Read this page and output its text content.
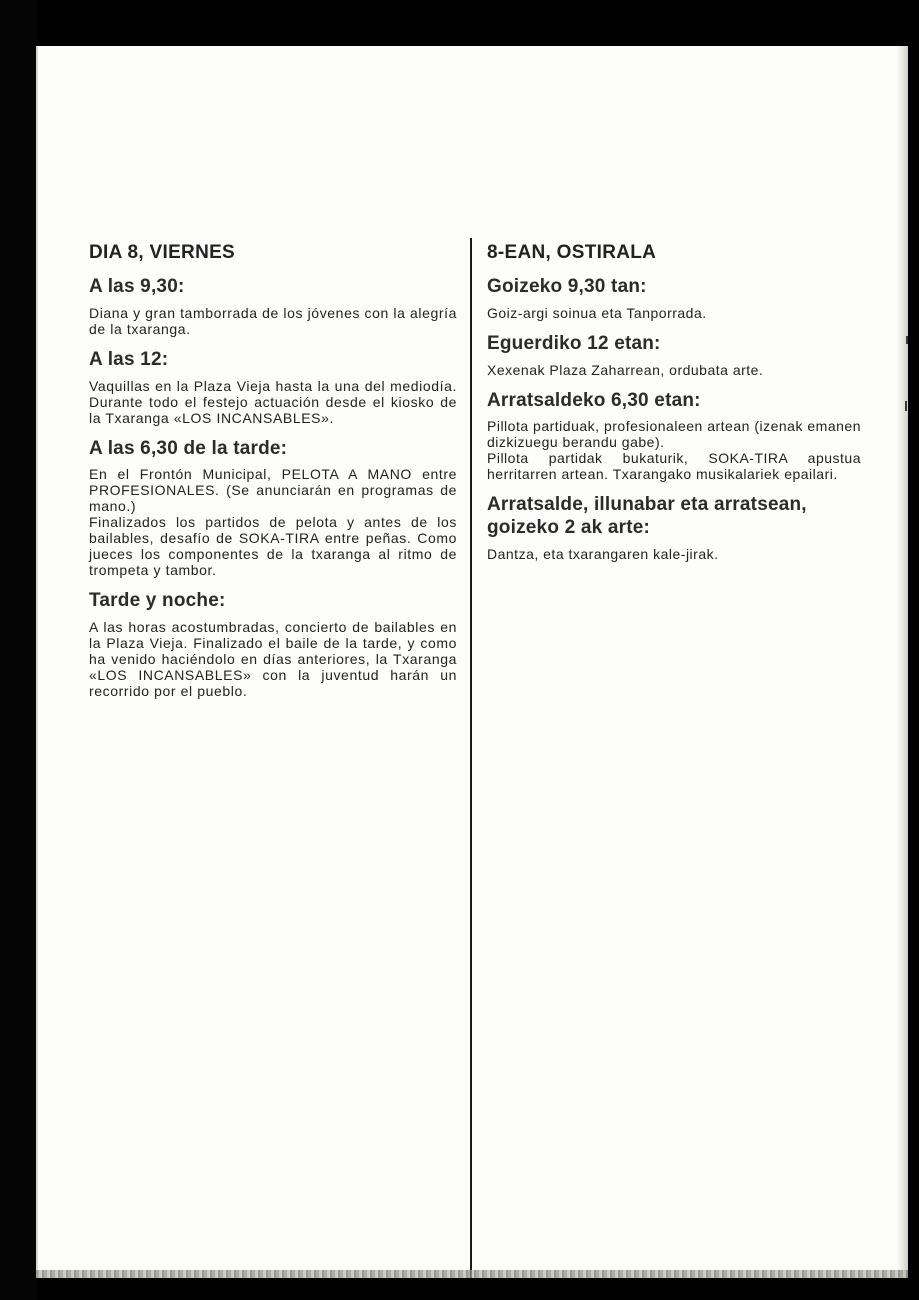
DIA 8, VIERNES
A las 9,30:

Diana y gran tamborrada de los jóvenes con la alegría de la txaranga.

A las 12:

Vaquillas en la Plaza Vieja hasta la una del mediodía. Durante todo el festejo actuación desde el kiosko de la Txaranga «LOS INCANSABLES».

A las 6,30 de la tarde:

En el Frontón Municipal, PELOTA A MANO entre PROFESIONALES. (Se anunciarán en programas de mano.)

Finalizados los partidos de pelota y antes de los bailables, desafío de SOKA-TIRA entre peñas. Como jueces los componentes de la txaranga al ritmo de trompeta y tambor.

Tarde y noche:

A las horas acostumbradas, concierto de bailables en la Plaza Vieja. Finalizado el baile de la tarde, y como ha venido haciéndolo en días anteriores, la Txaranga «LOS INCANSABLES» con la juventud harán un recorrido por el pueblo.

8-EAN, OSTIRALA
Goizeko 9,30 tan:

Goiz-argi soinua eta Tanporrada.

Eguerdiko 12 etan:

Xexenak Plaza Zaharrean, ordubata arte.

Arratsaldeko 6,30 etan:

Pillota partiduak, profesionaleen artean (izenak emanen dizkizuegu berandu gabe).

Pillota partidak bukaturik, SOKA-TIRA apustua herritarren artean. Txarangako musikalariek epailari.

Arratsalde, illunabar eta arratsean, goizeko 2 ak arte:

Dantza, eta txarangaren kale-jirak.
